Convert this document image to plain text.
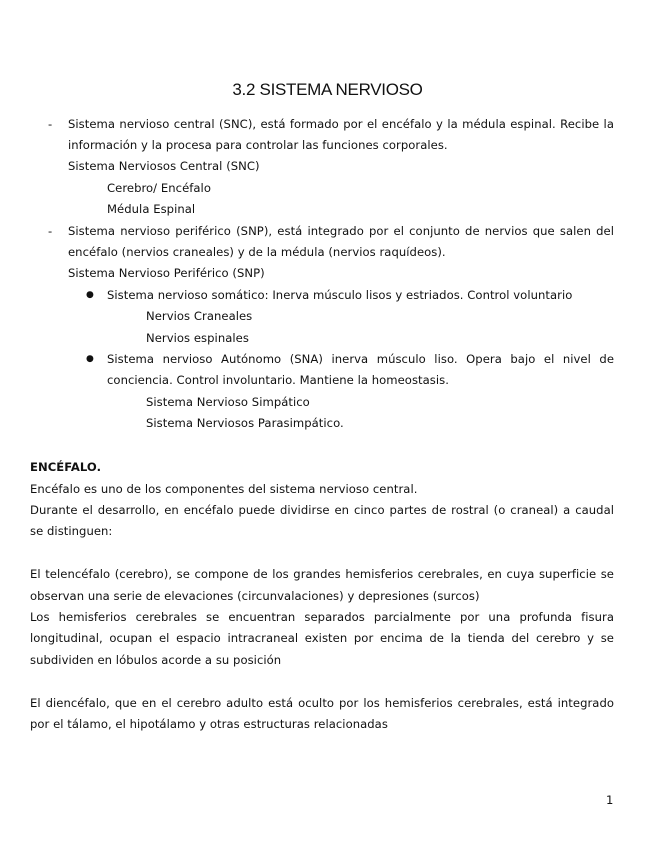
3.2 SISTEMA NERVIOSO
- Sistema nervioso central (SNC), está formado por el encéfalo y la médula espinal. Recibe la
información y la procesa para controlar las funciones corporales.
Sistema Nerviosos Central (SNC)
Cerebro/ Encéfalo
Médula Espinal
- Sistema nervioso periférico (SNP), está integrado por el conjunto de nervios que salen del
encéfalo (nervios craneales) y de la médula (nervios raquídeos).
Sistema Nervioso Periférico (SNP)
● Sistema nervioso somático: Inerva músculo lisos y estriados. Control voluntario
Nervios Craneales
Nervios espinales
● Sistema nervioso Autónomo (SNA) inerva músculo liso. Opera bajo el nivel de
conciencia. Control involuntario. Mantiene la homeostasis.
Sistema Nervioso Simpático
Sistema Nerviosos Parasimpático.
ENCÉFALO.
Encéfalo es uno de los componentes del sistema nervioso central.
Durante el desarrollo, en encéfalo puede dividirse en cinco partes de rostral (o craneal) a caudal
se distinguen:
El telencéfalo (cerebro), se compone de los grandes hemisferios cerebrales, en cuya superficie se
observan una serie de elevaciones (circunvalaciones) y depresiones (surcos)
Los hemisferios cerebrales se encuentran separados parcialmente por una profunda fisura
longitudinal, ocupan el espacio intracraneal existen por encima de la tienda del cerebro y se
subdividen en lóbulos acorde a su posición
El diencéfalo, que en el cerebro adulto está oculto por los hemisferios cerebrales, está integrado
por el tálamo, el hipotálamo y otras estructuras relacionadas
1
